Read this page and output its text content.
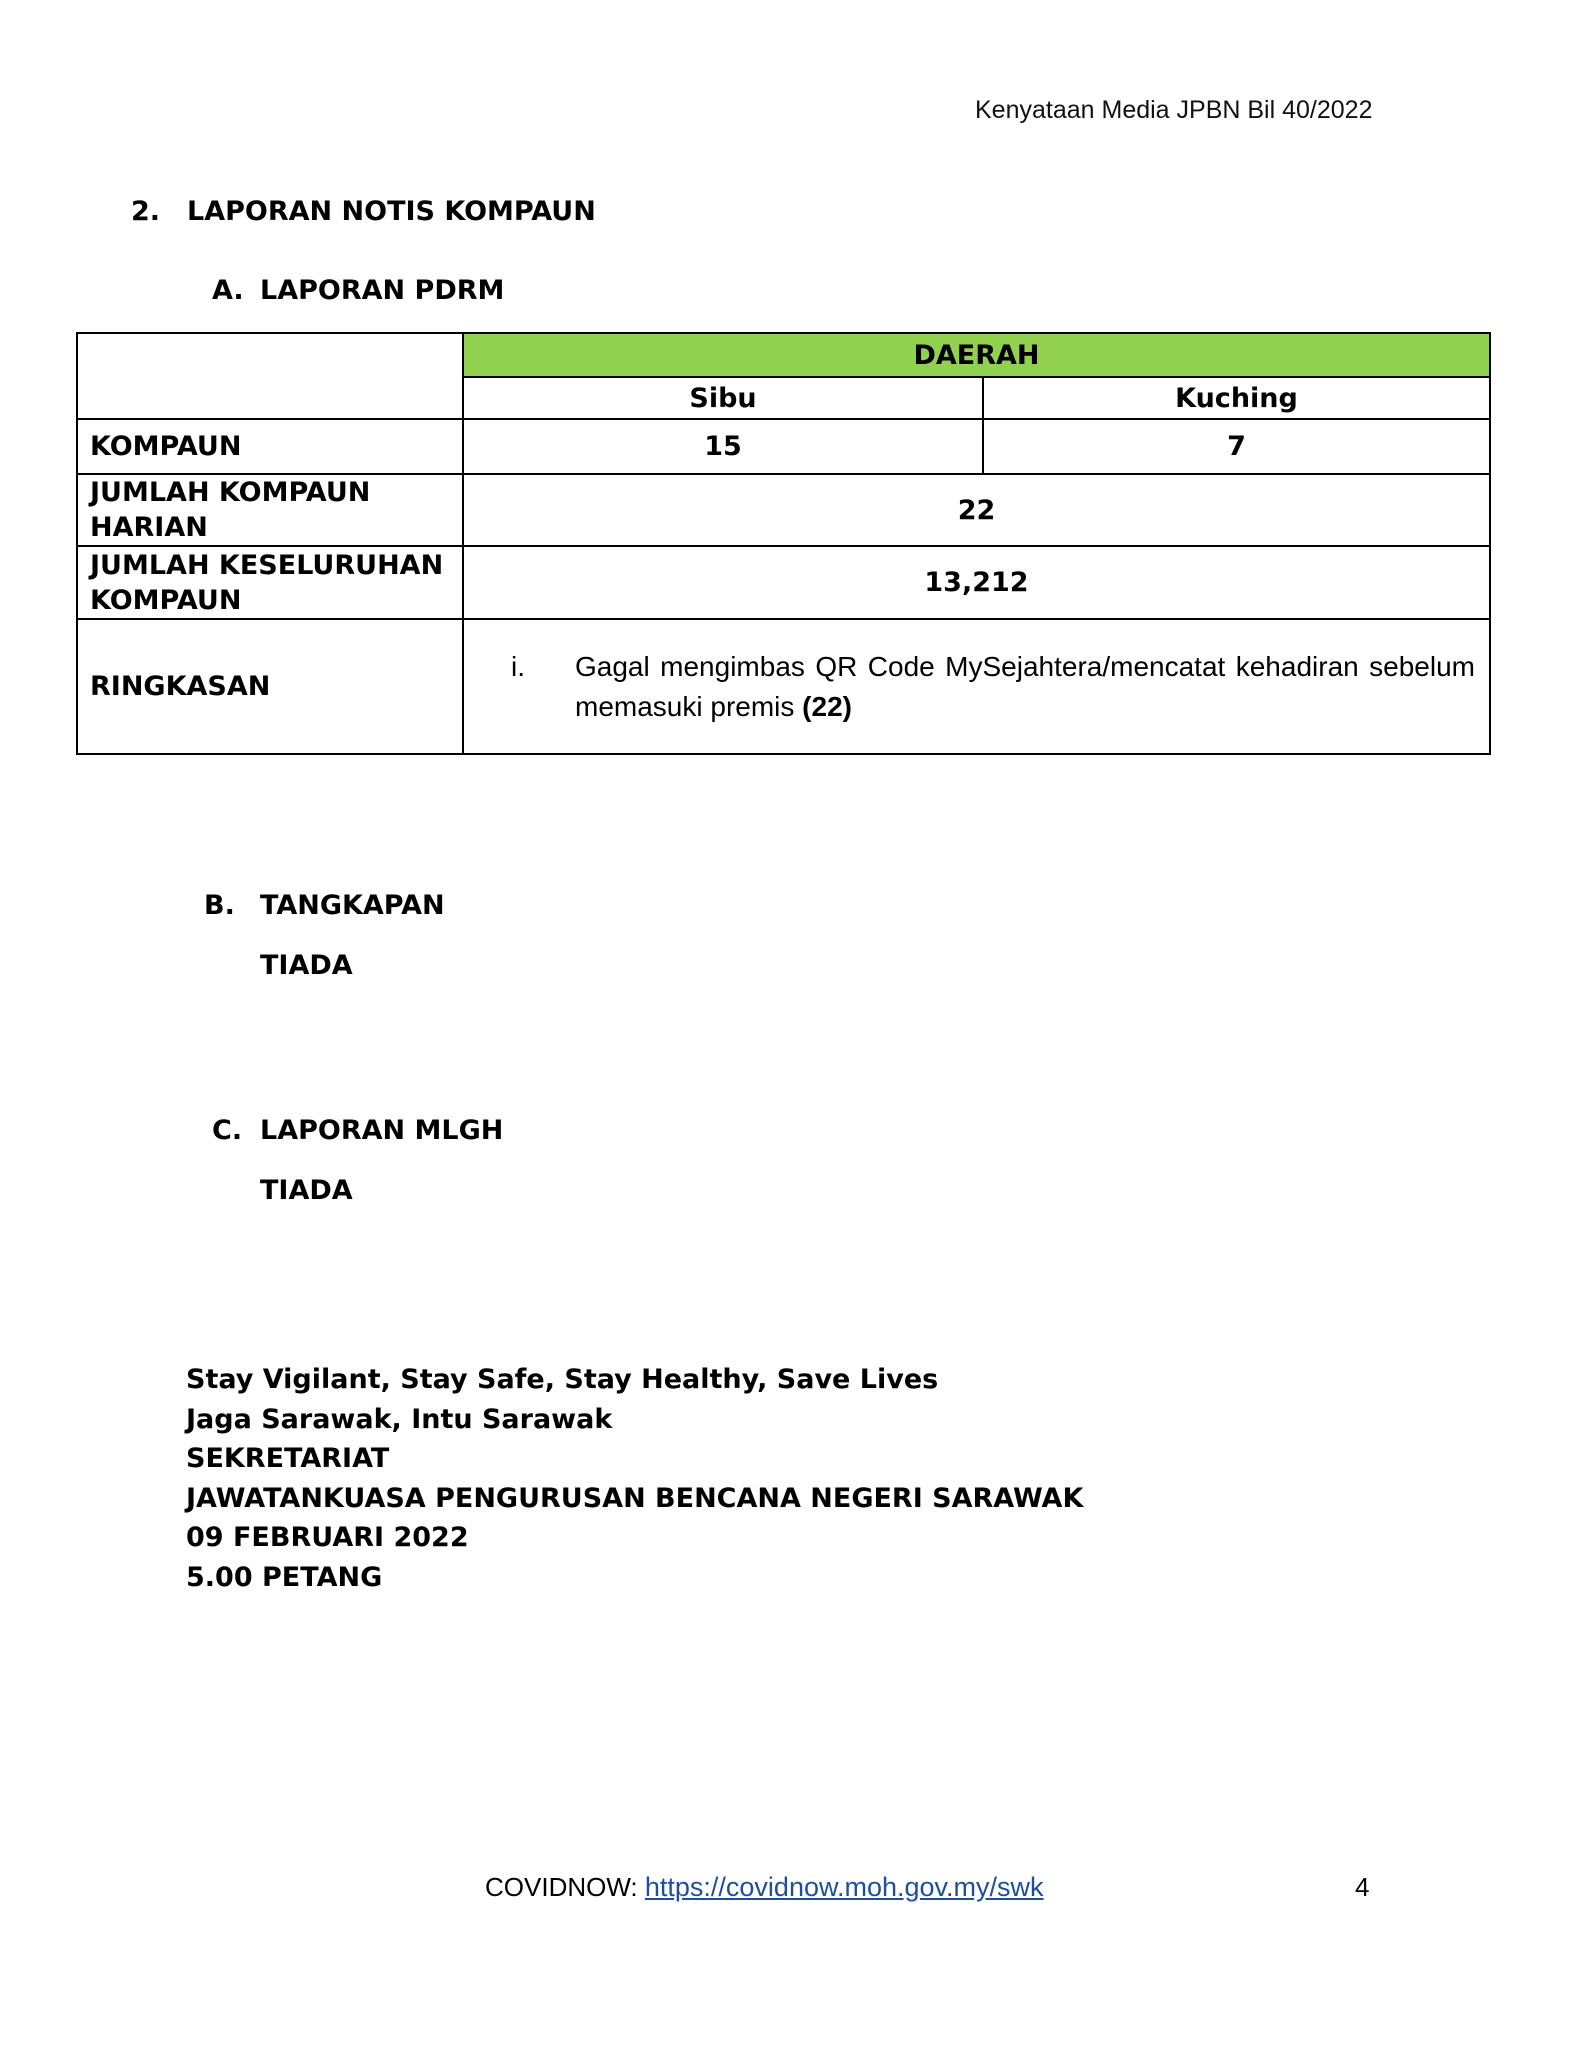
Kenyataan Media JPBN Bil 40/2022
2. LAPORAN NOTIS KOMPAUN
A. LAPORAN PDRM
	DAERAH	
	Sibu	Kuching
KOMPAUN	15	7
JUMLAH KOMPAUN HARIAN	22	
JUMLAH KESELURUHAN KOMPAUN	13,212	
RINGKASAN	i. Gagal mengimbas QR Code MySejahtera/mencatat kehadiran sebelum memasuki premis (22)	
B. TANGKAPAN
TIADA
C. LAPORAN MLGH
TIADA
Stay Vigilant, Stay Safe, Stay Healthy, Save Lives
Jaga Sarawak, Intu Sarawak
SEKRETARIAT
JAWATANKUASA PENGURUSAN BENCANA NEGERI SARAWAK
09 FEBRUARI 2022
5.00 PETANG
COVIDNOW: https://covidnow.moh.gov.my/swk	4
